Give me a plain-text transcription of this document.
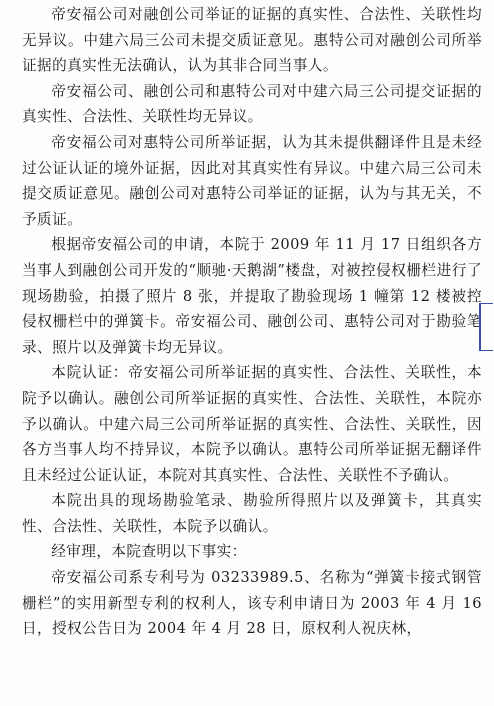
帝安福公司对融创公司举证的证据的真实性、合法性、关联性均无异议。中建六局三公司未提交质证意见。惠特公司对融创公司所举证据的真实性无法确认，认为其非合同当事人。

帝安福公司、融创公司和惠特公司对中建六局三公司提交证据的真实性、合法性、关联性均无异议。

帝安福公司对惠特公司所举证据，认为其未提供翻译件且是未经过公证认证的境外证据，因此对其真实性有异议。中建六局三公司未提交质证意见。融创公司对惠特公司举证的证据，认为与其无关，不予质证。

根据帝安福公司的申请，本院于 2009 年 11 月 17 日组织各方当事人到融创公司开发的“顺驰·天鹅湖”楼盘，对被控侵权栅栏进行了现场勘验，拍摄了照片 8 张，并提取了勘验现场 1 幢第 12 楼被控侵权栅栏中的弹簧卡。帝安福公司、融创公司、惠特公司对于勘验笔录、照片以及弹簧卡均无异议。

本院认证：帝安福公司所举证据的真实性、合法性、关联性，本院予以确认。融创公司所举证据的真实性、合法性、关联性，本院亦予以确认。中建六局三公司所举证据的真实性、合法性、关联性，因各方当事人均不持异议，本院予以确认。惠特公司所举证据无翻译件且未经过公证认证，本院对其真实性、合法性、关联性不予确认。

本院出具的现场勘验笔录、勘验所得照片以及弹簧卡，其真实性、合法性、关联性，本院予以确认。

经审理，本院查明以下事实：

帝安福公司系专利号为 03233989.5、名称为“弹簧卡接式钢管栅栏”的实用新型专利的权利人，该专利申请日为 2003 年 4 月 16 日，授权公告日为 2004 年 4 月 28 日，原权利人祝庆林，
